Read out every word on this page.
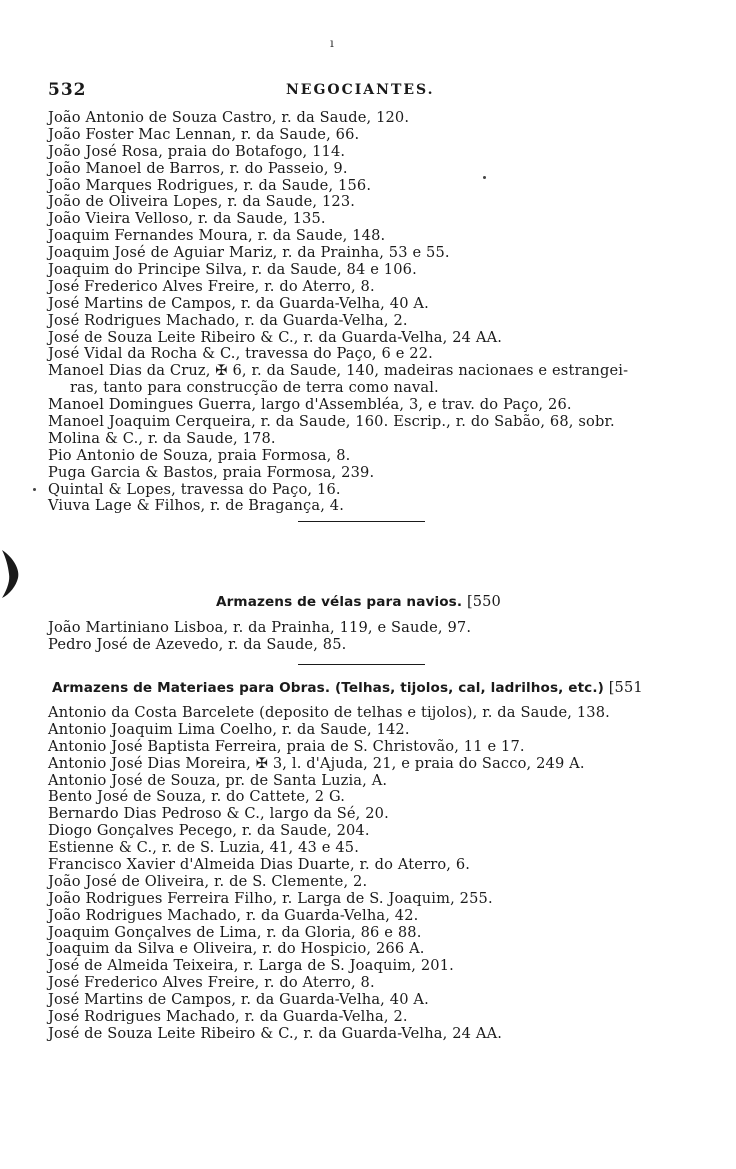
ı
532	NEGOCIANTES.
João Antonio de Souza Castro, r. da Saude, 120.
João Foster Mac Lennan, r. da Saude, 66.
João José Rosa, praia do Botafogo, 114.
João Manoel de Barros, r. do Passeio, 9.
João Marques Rodrigues, r. da Saude, 156.
João de Oliveira Lopes, r. da Saude, 123.
João Vieira Velloso, r. da Saude, 135.
Joaquim Fernandes Moura, r. da Saude, 148.
Joaquim José de Aguiar Mariz, r. da Prainha, 53 e 55.
Joaquim do Principe Silva, r. da Saude, 84 e 106.
José Frederico Alves Freire, r. do Aterro, 8.
José Martins de Campos, r. da Guarda-Velha, 40 A.
José Rodrigues Machado, r. da Guarda-Velha, 2.
José de Souza Leite Ribeiro & C., r. da Guarda-Velha, 24 AA.
José Vidal da Rocha & C., travessa do Paço, 6 e 22.
Manoel Dias da Cruz, ✠ 6, r. da Saude, 140, madeiras nacionaes e estrangei-
ras, tanto para construcção de terra como naval.
Manoel Domingues Guerra, largo d'Assembléa, 3, e trav. do Paço, 26.
Manoel Joaquim Cerqueira, r. da Saude, 160. Escrip., r. do Sabão, 68, sobr.
Molina & C., r. da Saude, 178.
Pio Antonio de Souza, praia Formosa, 8.
Puga Garcia & Bastos, praia Formosa, 239.
Quintal & Lopes, travessa do Paço, 16.
Viuva Lage & Filhos, r. de Bragança, 4.
Armazens de vélas para navios. [550
João Martiniano Lisboa, r. da Prainha, 119, e Saude, 97.
Pedro José de Azevedo, r. da Saude, 85.
Armazens de Materiaes para Obras. (Telhas, tijolos, cal, ladrilhos, etc.) [551
Antonio da Costa Barcelete (deposito de telhas e tijolos), r. da Saude, 138.
Antonio Joaquim Lima Coelho, r. da Saude, 142.
Antonio José Baptista Ferreira, praia de S. Christovão, 11 e 17.
Antonio José Dias Moreira, ✠ 3, l. d'Ajuda, 21, e praia do Sacco, 249 A.
Antonio José de Souza, pr. de Santa Luzia, A.
Bento José de Souza, r. do Cattete, 2 G.
Bernardo Dias Pedroso & C., largo da Sé, 20.
Diogo Gonçalves Pecego, r. da Saude, 204.
Estienne & C., r. de S. Luzia, 41, 43 e 45.
Francisco Xavier d'Almeida Dias Duarte, r. do Aterro, 6.
João José de Oliveira, r. de S. Clemente, 2.
João Rodrigues Ferreira Filho, r. Larga de S. Joaquim, 255.
João Rodrigues Machado, r. da Guarda-Velha, 42.
Joaquim Gonçalves de Lima, r. da Gloria, 86 e 88.
Joaquim da Silva e Oliveira, r. do Hospicio, 266 A.
José de Almeida Teixeira, r. Larga de S. Joaquim, 201.
José Frederico Alves Freire, r. do Aterro, 8.
José Martins de Campos, r. da Guarda-Velha, 40 A.
José Rodrigues Machado, r. da Guarda-Velha, 2.
José de Souza Leite Ribeiro & C., r. da Guarda-Velha, 24 AA.
